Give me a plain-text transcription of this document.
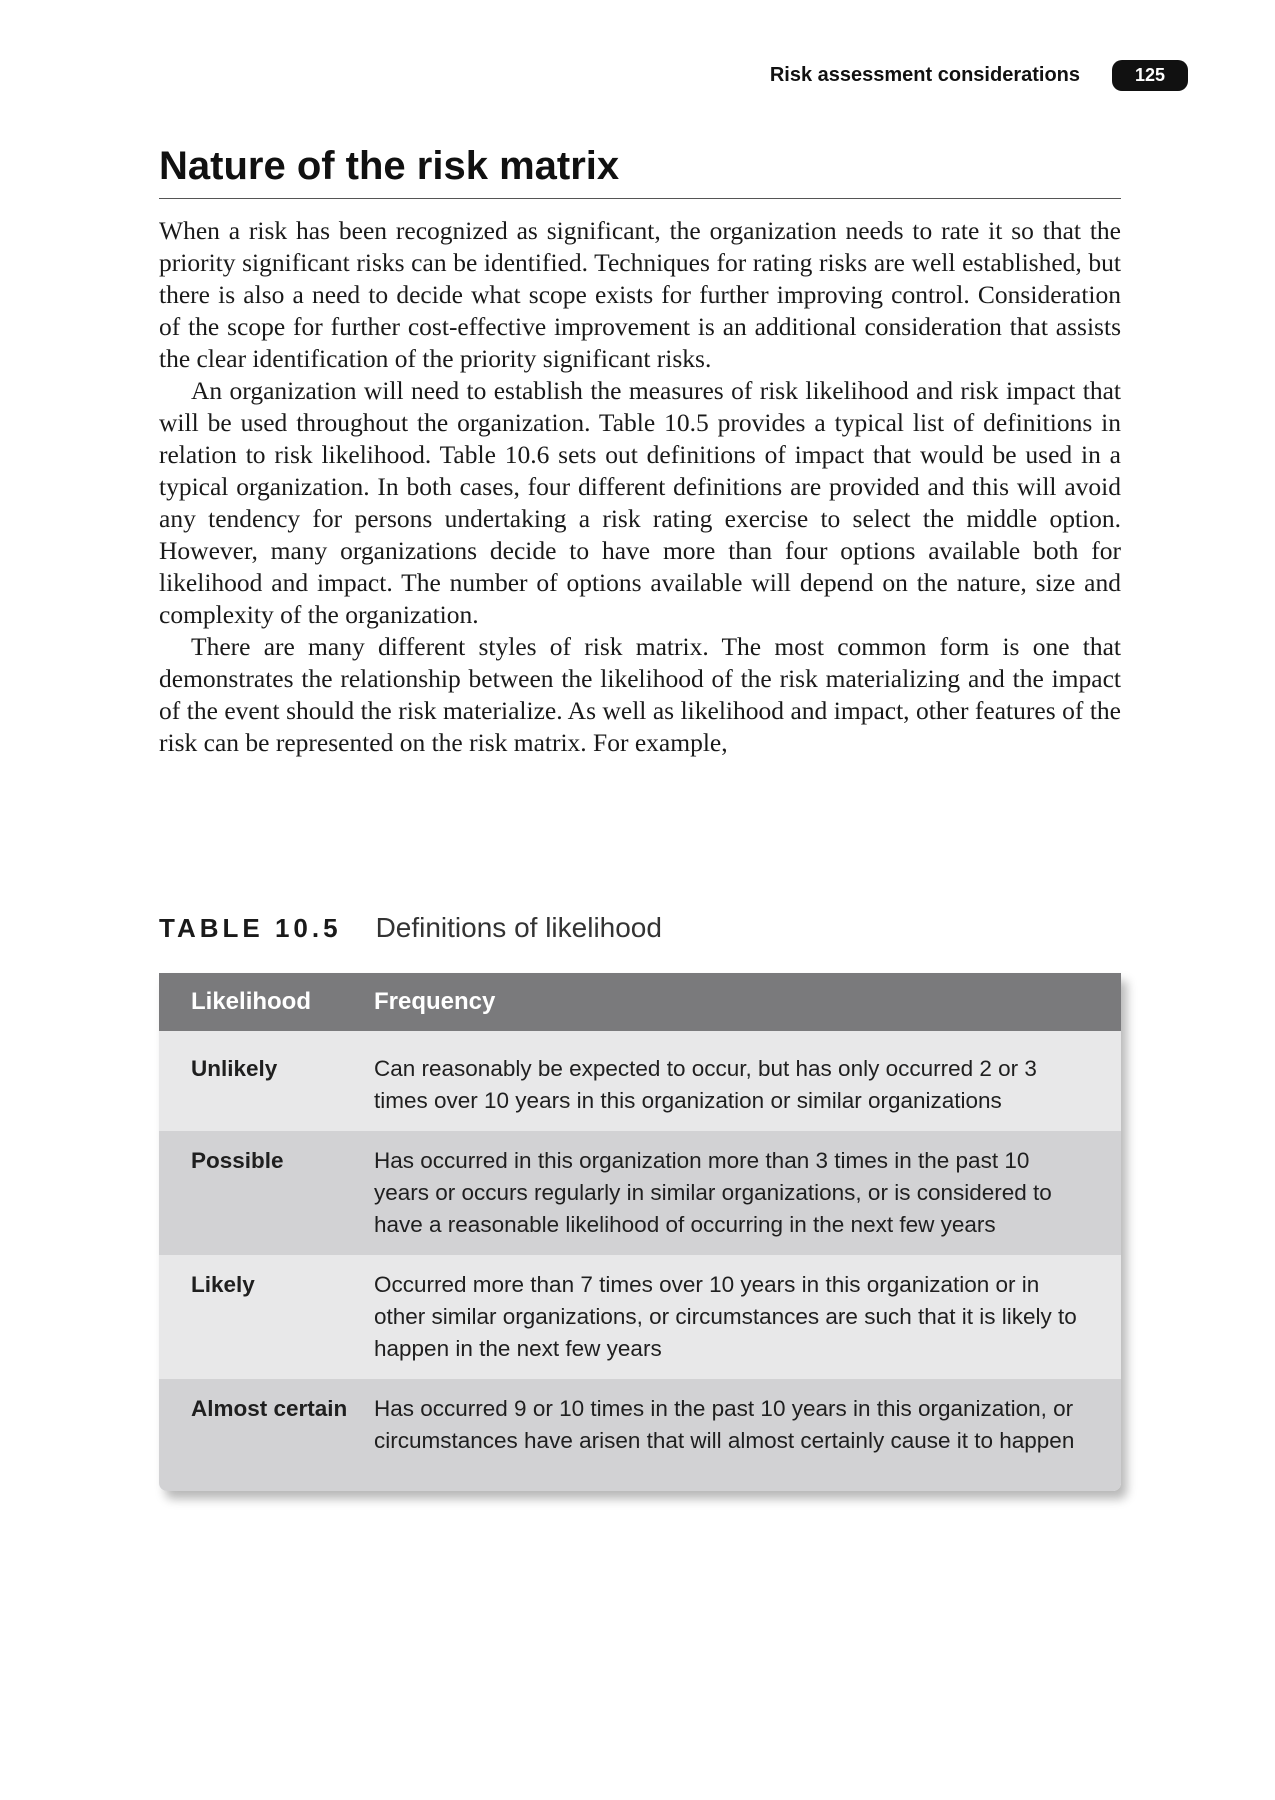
Risk assessment considerations	125
Nature of the risk matrix

When a risk has been recognized as significant, the organization needs to rate it so that the priority significant risks can be identified. Techniques for rating risks are well established, but there is also a need to decide what scope exists for further improving control. Consideration of the scope for further cost-effective improvement is an additional consideration that assists the clear identification of the priority significant risks.

An organization will need to establish the measures of risk likelihood and risk impact that will be used throughout the organization. Table 10.5 provides a typical list of definitions in relation to risk likelihood. Table 10.6 sets out definitions of impact that would be used in a typical organization. In both cases, four different definitions are provided and this will avoid any tendency for persons undertaking a risk rating exercise to select the middle option. However, many organizations decide to have more than four options available both for likelihood and impact. The number of options available will depend on the nature, size and complexity of the organization.

There are many different styles of risk matrix. The most common form is one that demonstrates the relationship between the likelihood of the risk materializing and the impact of the event should the risk materialize. As well as likelihood and impact, other features of the risk can be represented on the risk matrix. For example,

TABLE 10.5 Definitions of likelihood
Likelihood	Frequency
Unlikely	Can reasonably be expected to occur, but has only occurred 2 or 3 times over 10 years in this organization or similar organizations
Possible	Has occurred in this organization more than 3 times in the past 10 years or occurs regularly in similar organizations, or is considered to have a reasonable likelihood of occurring in the next few years
Likely	Occurred more than 7 times over 10 years in this organization or in other similar organizations, or circumstances are such that it is likely to happen in the next few years
Almost certain	Has occurred 9 or 10 times in the past 10 years in this organization, or circumstances have arisen that will almost certainly cause it to happen
